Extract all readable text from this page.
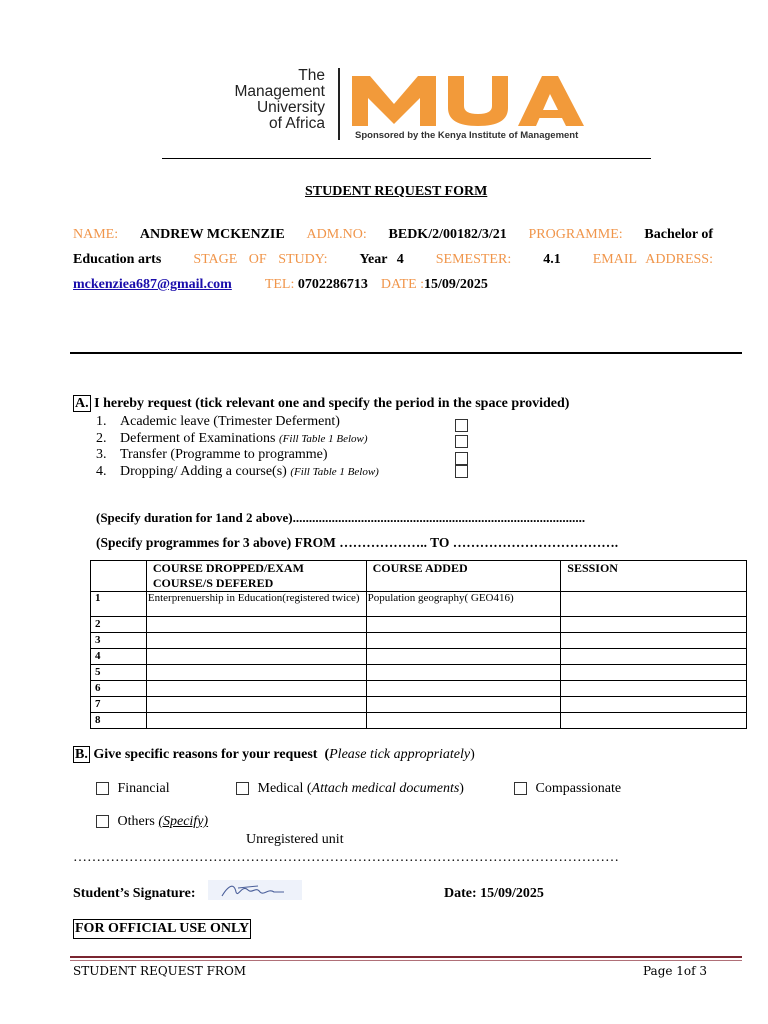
The
Management
University
of Africa
Sponsored by the Kenya Institute of Management
STUDENT REQUEST FORM
NAME: ANDREW MCKENZIE ADM.NO: BEDK/2/00182/3/21 PROGRAMME: Bachelor of
Education arts STAGE OF STUDY: Year 4 SEMESTER: 4.1 EMAIL ADDRESS:
mckenziea687@gmail.com TEL: 0702286713 DATE :15/09/2025
A. I hereby request (tick relevant one and specify the period in the space provided)
1. Academic leave (Trimester Deferment)
2. Deferment of Examinations (Fill Table 1 Below)
3. Transfer (Programme to programme)
4. Dropping/ Adding a course(s) (Fill Table 1 Below)
(Specify duration for 1and 2 above)..........................................................................................
(Specify programmes for 3 above) FROM ……………….. TO ……………………………….

	COURSE DROPPED/EXAM
COURSE/S DEFERED	COURSE ADDED	SESSION
1	Enterprenuership in Education(registered twice)	Population geography( GEO416)	
2			
3			
4			
5			
6			
7			
8			
B. Give specific reasons for your request (Please tick appropriately)
Financial	Medical (Attach medical documents)	Compassionate
Others (Specify)
Unregistered unit
………………………………………………………………………………………………………
Student’s Signature:	Date: 15/09/2025
FOR OFFICIAL USE ONLY
STUDENT REQUEST FROM	Page 1of 3
